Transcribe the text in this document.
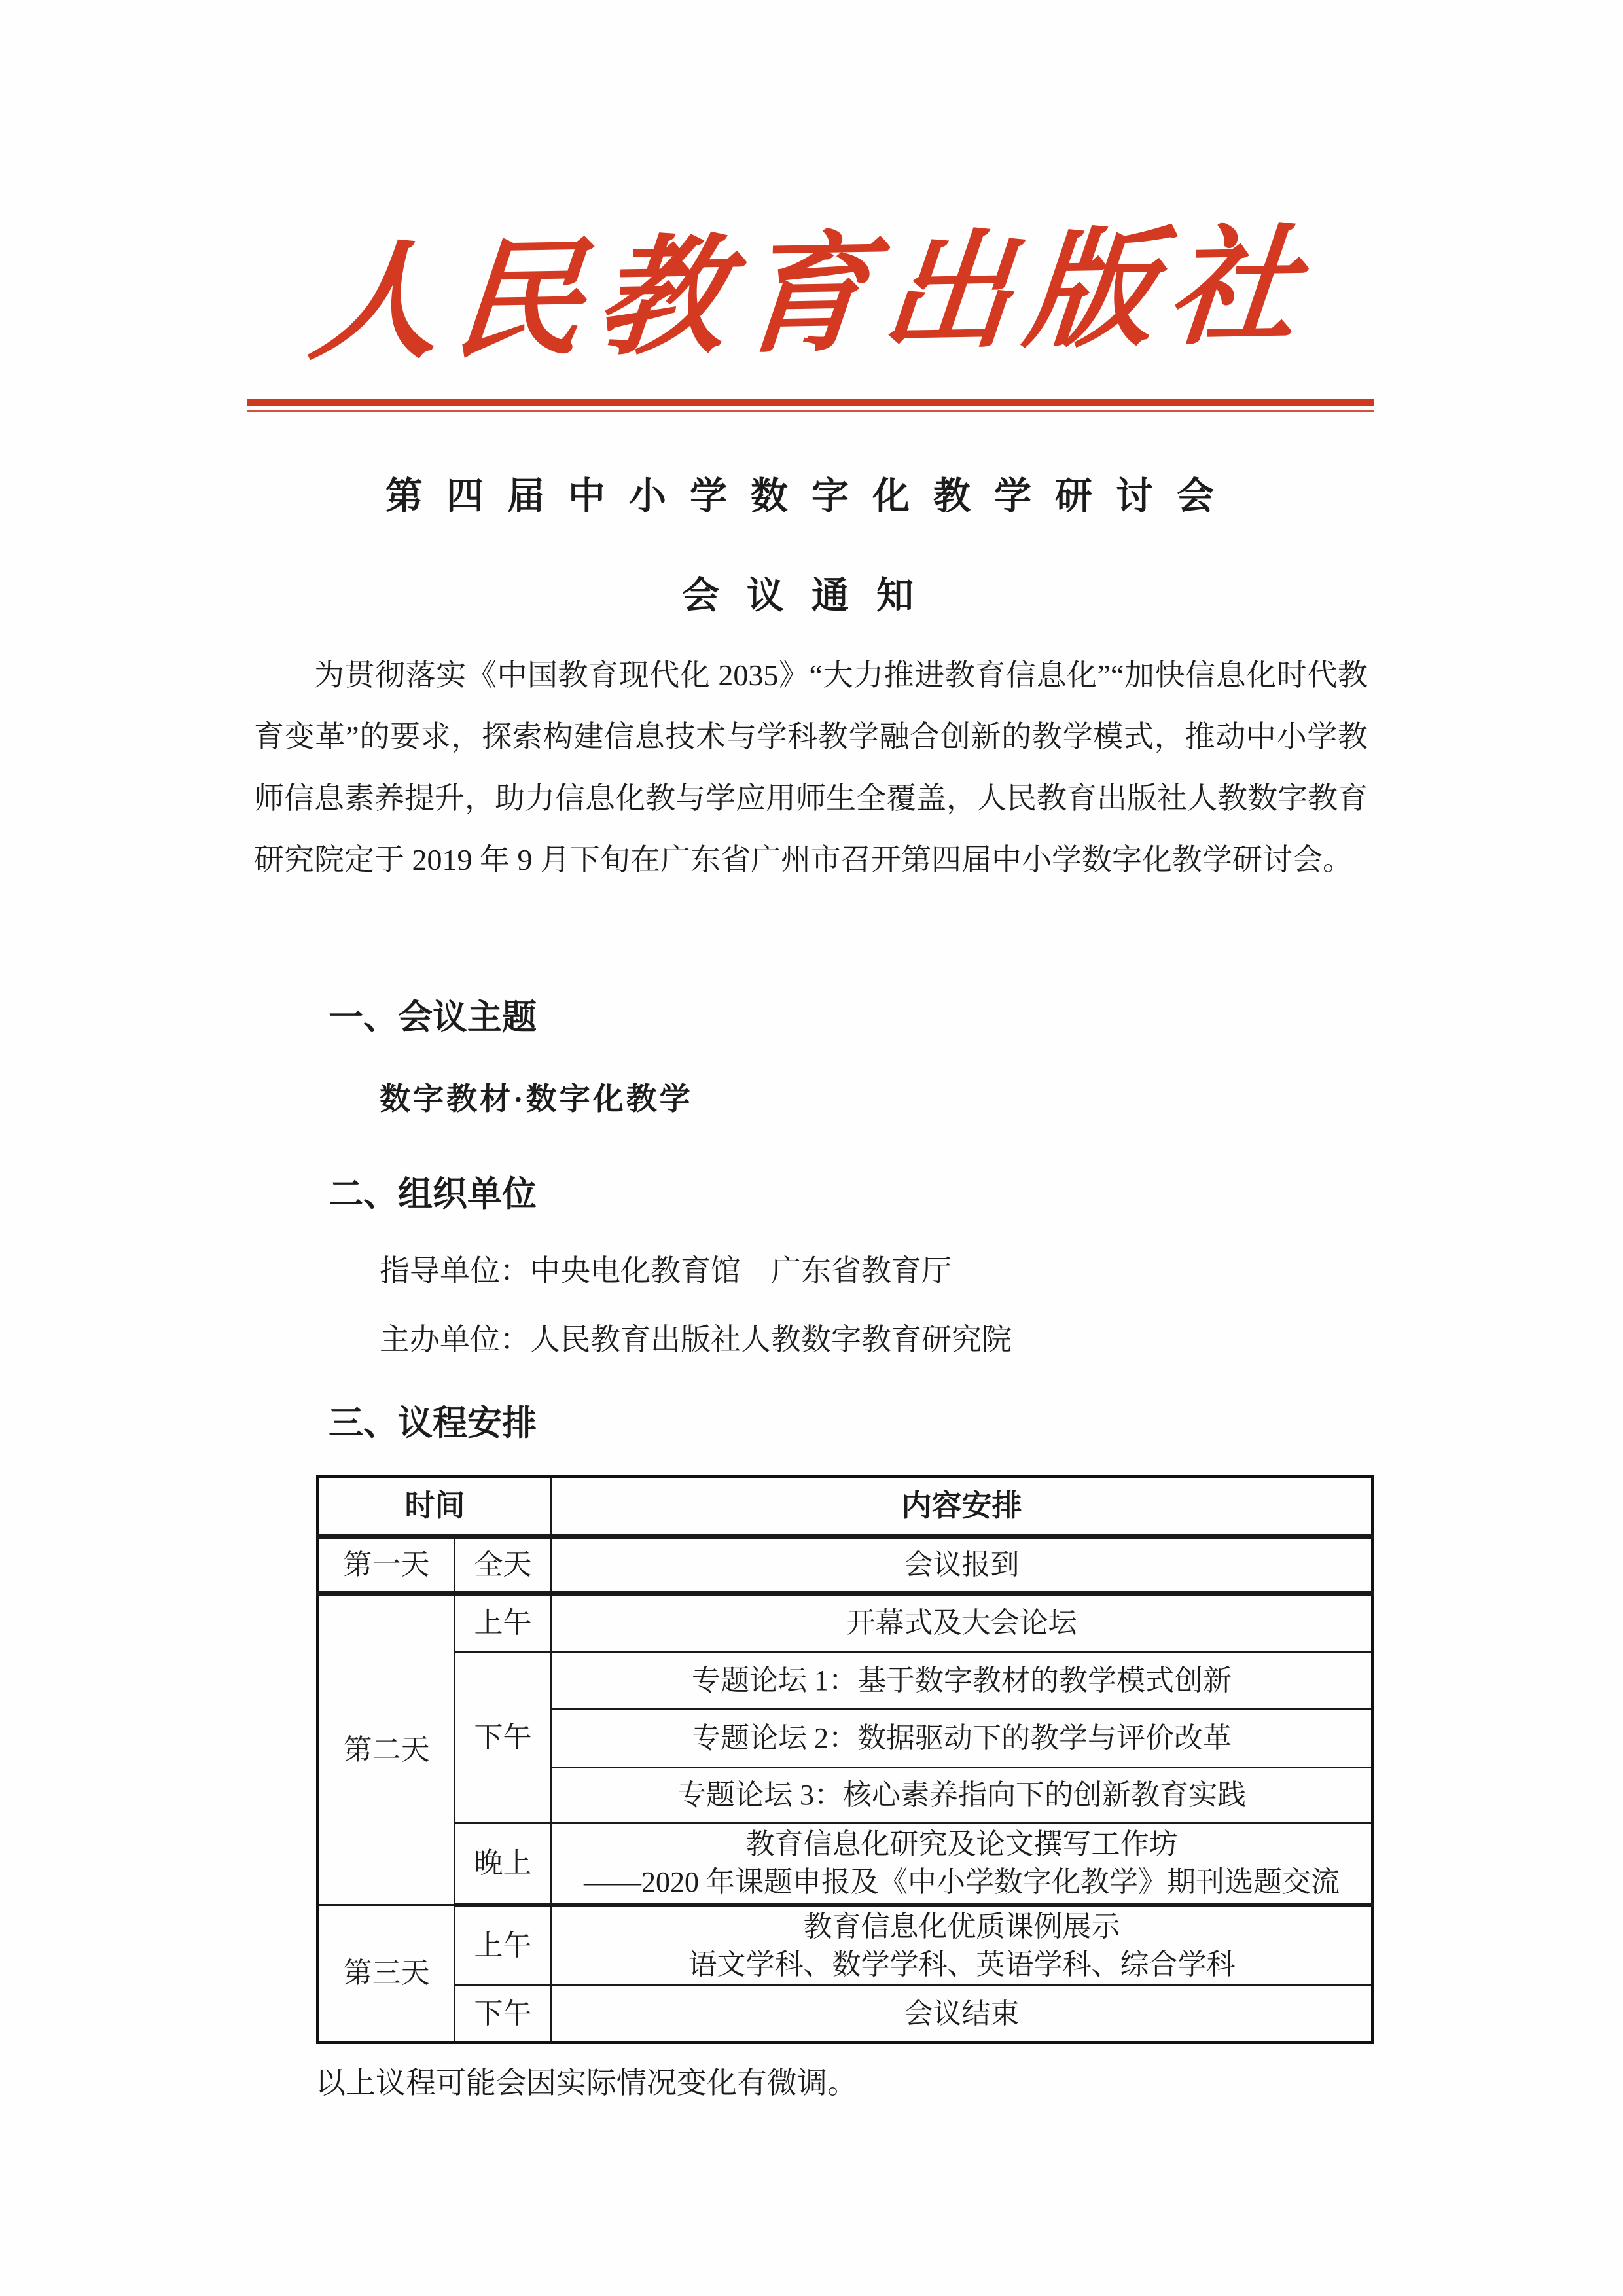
人民教育出版社
第四届中小学数字化教学研讨会
会议通知
为贯彻落实《中国教育现代化 2035》“大力推进教育信息化”“加快信息化时代教育变革”的要求，探索构建信息技术与学科教学融合创新的教学模式，推动中小学教师信息素养提升，助力信息化教与学应用师生全覆盖，人民教育出版社人教数字教育研究院定于 2019 年 9 月下旬在广东省广州市召开第四届中小学数字化教学研讨会。
一、会议主题
数字教材·数字化教学
二、组织单位
指导单位：中央电化教育馆　广东省教育厅
主办单位：人民教育出版社人教数字教育研究院
三、议程安排
时间		内容安排
第一天	全天	会议报到
第二天	上午	开幕式及大会论坛
	下午	专题论坛 1：基于数字教材的教学模式创新
		专题论坛 2：数据驱动下的教学与评价改革
		专题论坛 3：核心素养指向下的创新教育实践
	晚上	教育信息化研究及论文撰写工作坊
——2020 年课题申报及《中小学数字化教学》期刊选题交流

第三天	上午	教育信息化优质课例展示
语文学科、数学学科、英语学科、综合学科

	下午	会议结束
以上议程可能会因实际情况变化有微调。
